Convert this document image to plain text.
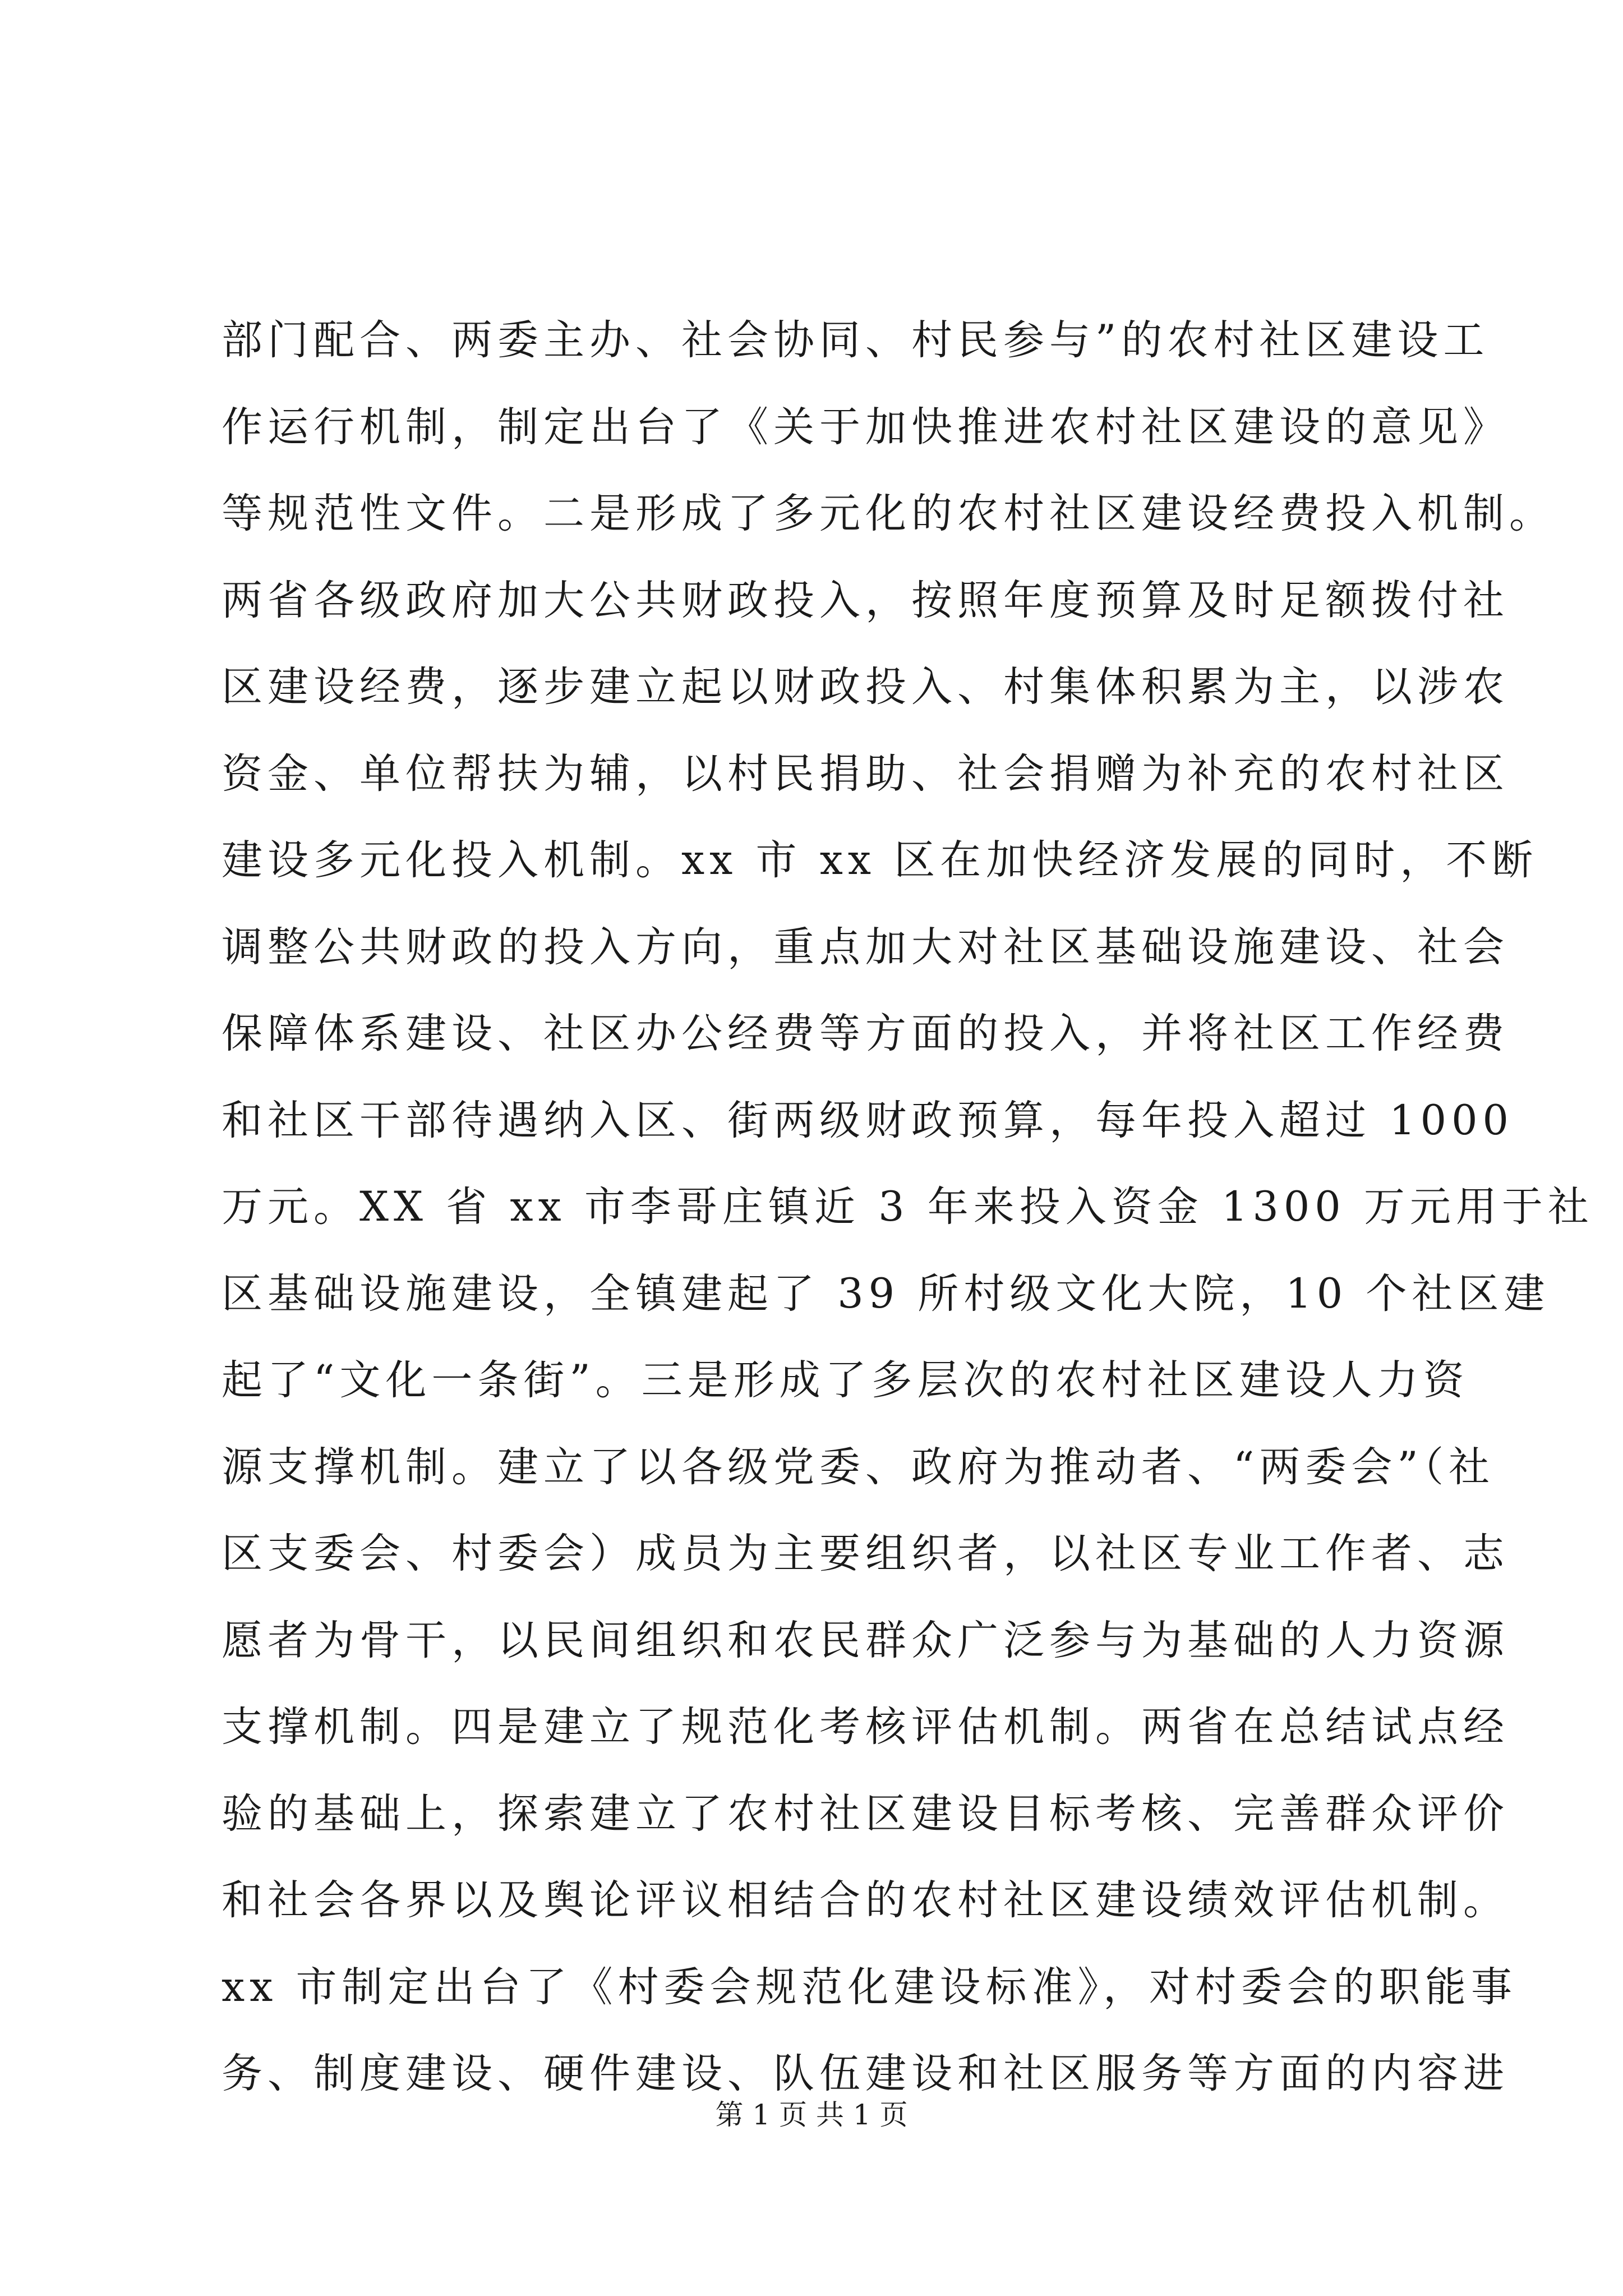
部门配合、两委主办、社会协同、村民参与”的农村社区建设工
作运行机制，制定出台了《关于加快推进农村社区建设的意见》
等规范性文件。二是形成了多元化的农村社区建设经费投入机制。
两省各级政府加大公共财政投入，按照年度预算及时足额拨付社
区建设经费，逐步建立起以财政投入、村集体积累为主，以涉农
资金、单位帮扶为辅，以村民捐助、社会捐赠为补充的农村社区
建设多元化投入机制。xx 市 xx 区在加快经济发展的同时，不断
调整公共财政的投入方向，重点加大对社区基础设施建设、社会
保障体系建设、社区办公经费等方面的投入，并将社区工作经费
和社区干部待遇纳入区、街两级财政预算，每年投入超过 1000
万元。XX 省 xx 市李哥庄镇近 3 年来投入资金 1300 万元用于社
区基础设施建设，全镇建起了 39 所村级文化大院，10 个社区建
起了“文化一条街”。三是形成了多层次的农村社区建设人力资
源支撑机制。建立了以各级党委、政府为推动者、“两委会”（社
区支委会、村委会）成员为主要组织者，以社区专业工作者、志
愿者为骨干，以民间组织和农民群众广泛参与为基础的人力资源
支撑机制。四是建立了规范化考核评估机制。两省在总结试点经
验的基础上，探索建立了农村社区建设目标考核、完善群众评价
和社会各界以及舆论评议相结合的农村社区建设绩效评估机制。
xx 市制定出台了《村委会规范化建设标准》，对村委会的职能事
务、制度建设、硬件建设、队伍建设和社区服务等方面的内容进
第 1 页 共 1 页
